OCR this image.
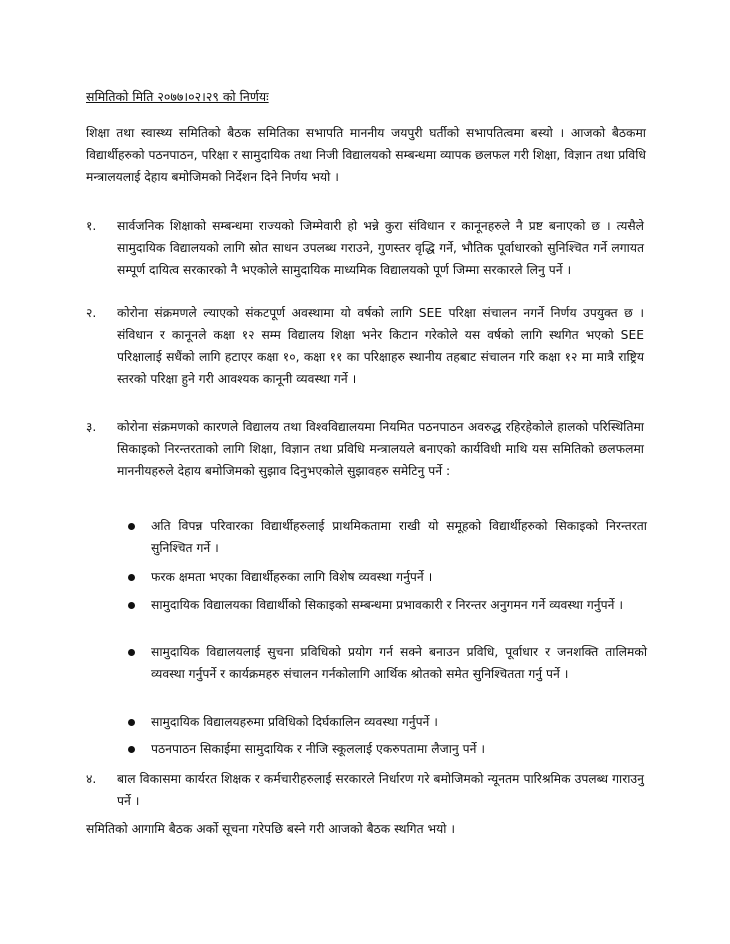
समितिको मिति २०७७।०२।२९ को निर्णयः
शिक्षा तथा स्वास्थ्य समितिको बैठक समितिका सभापति माननीय जयपुरी घर्तीको सभापतित्वमा बस्यो । आजको बैठकमा विद्यार्थीहरुको पठनपाठन, परिक्षा र सामुदायिक तथा निजी विद्यालयको सम्बन्धमा व्यापक छलफल गरी शिक्षा, विज्ञान तथा प्रविधि मन्त्रालयलाई देहाय बमोजिमको निर्देशन दिने निर्णय भयो ।
१. सार्वजनिक शिक्षाको सम्बन्धमा राज्यको जिम्मेवारी हो भन्ने कुरा संविधान र कानूनहरुले नै प्रष्ट बनाएको छ । त्यसैले सामुदायिक विद्यालयको लागि स्रोत साधन उपलब्ध गराउने, गुणस्तर वृद्धि गर्ने, भौतिक पूर्वाधारको सुनिश्चित गर्ने लगायत सम्पूर्ण दायित्व सरकारको नै भएकोले सामुदायिक माध्यमिक विद्यालयको पूर्ण जिम्मा सरकारले लिनु पर्ने ।
२. कोरोना संक्रमणले ल्याएको संकटपूर्ण अवस्थामा यो वर्षको लागि SEE परिक्षा संचालन नगर्ने निर्णय उपयुक्त छ । संविधान र कानूनले कक्षा १२ सम्म विद्यालय शिक्षा भनेर किटान गरेकोले यस वर्षको लागि स्थगित भएको SEE परिक्षालाई सधैंको लागि हटाएर कक्षा १०, कक्षा ११ का परिक्षाहरु स्थानीय तहबाट संचालन गरि कक्षा १२ मा मात्रै राष्ट्रिय स्तरको परिक्षा हुने गरी आवश्यक कानूनी व्यवस्था गर्ने ।
३. कोरोना संक्रमणको कारणले विद्यालय तथा विश्वविद्यालयमा नियमित पठनपाठन अवरुद्ध रहिरहेकोले हालको परिस्थितिमा सिकाइको निरन्तरताको लागि शिक्षा, विज्ञान तथा प्रविधि मन्त्रालयले बनाएको कार्यविधी माथि यस समितिको छलफलमा माननीयहरुले देहाय बमोजिमको सुझाव दिनुभएकोले सुझावहरु समेटिनु पर्ने :
अति विपन्न परिवारका विद्यार्थीहरुलाई प्राथमिकतामा राखी यो समूहको विद्यार्थीहरुको सिकाइको निरन्तरता सुनिश्चित गर्ने ।
फरक क्षमता भएका विद्यार्थीहरुका लागि विशेष व्यवस्था गर्नुपर्ने ।
सामुदायिक विद्यालयका विद्यार्थीको सिकाइको सम्बन्धमा प्रभावकारी र निरन्तर अनुगमन गर्ने व्यवस्था गर्नुपर्ने ।
सामुदायिक विद्यालयलाई सुचना प्रविधिको प्रयोग गर्न सक्ने बनाउन प्रविधि, पूर्वाधार र जनशक्ति तालिमको व्यवस्था गर्नुपर्ने र कार्यक्रमहरु संचालन गर्नकोलागि आर्थिक श्रोतको समेत सुनिश्चितता गर्नु पर्ने ।
सामुदायिक विद्यालयहरुमा प्रविधिको दिर्घकालिन व्यवस्था गर्नुपर्ने ।
पठनपाठन सिकाईमा सामुदायिक र नीजि स्कूललाई एकरुपतामा लैजानु पर्ने ।
४. बाल विकासमा कार्यरत शिक्षक र कर्मचारीहरुलाई सरकारले निर्धारण गरे बमोजिमको न्यूनतम पारिश्रमिक उपलब्ध गाराउनु पर्ने ।
समितिको आगामि बैठक अर्को सूचना गरेपछि बस्ने गरी आजको बैठक स्थगित भयो ।
